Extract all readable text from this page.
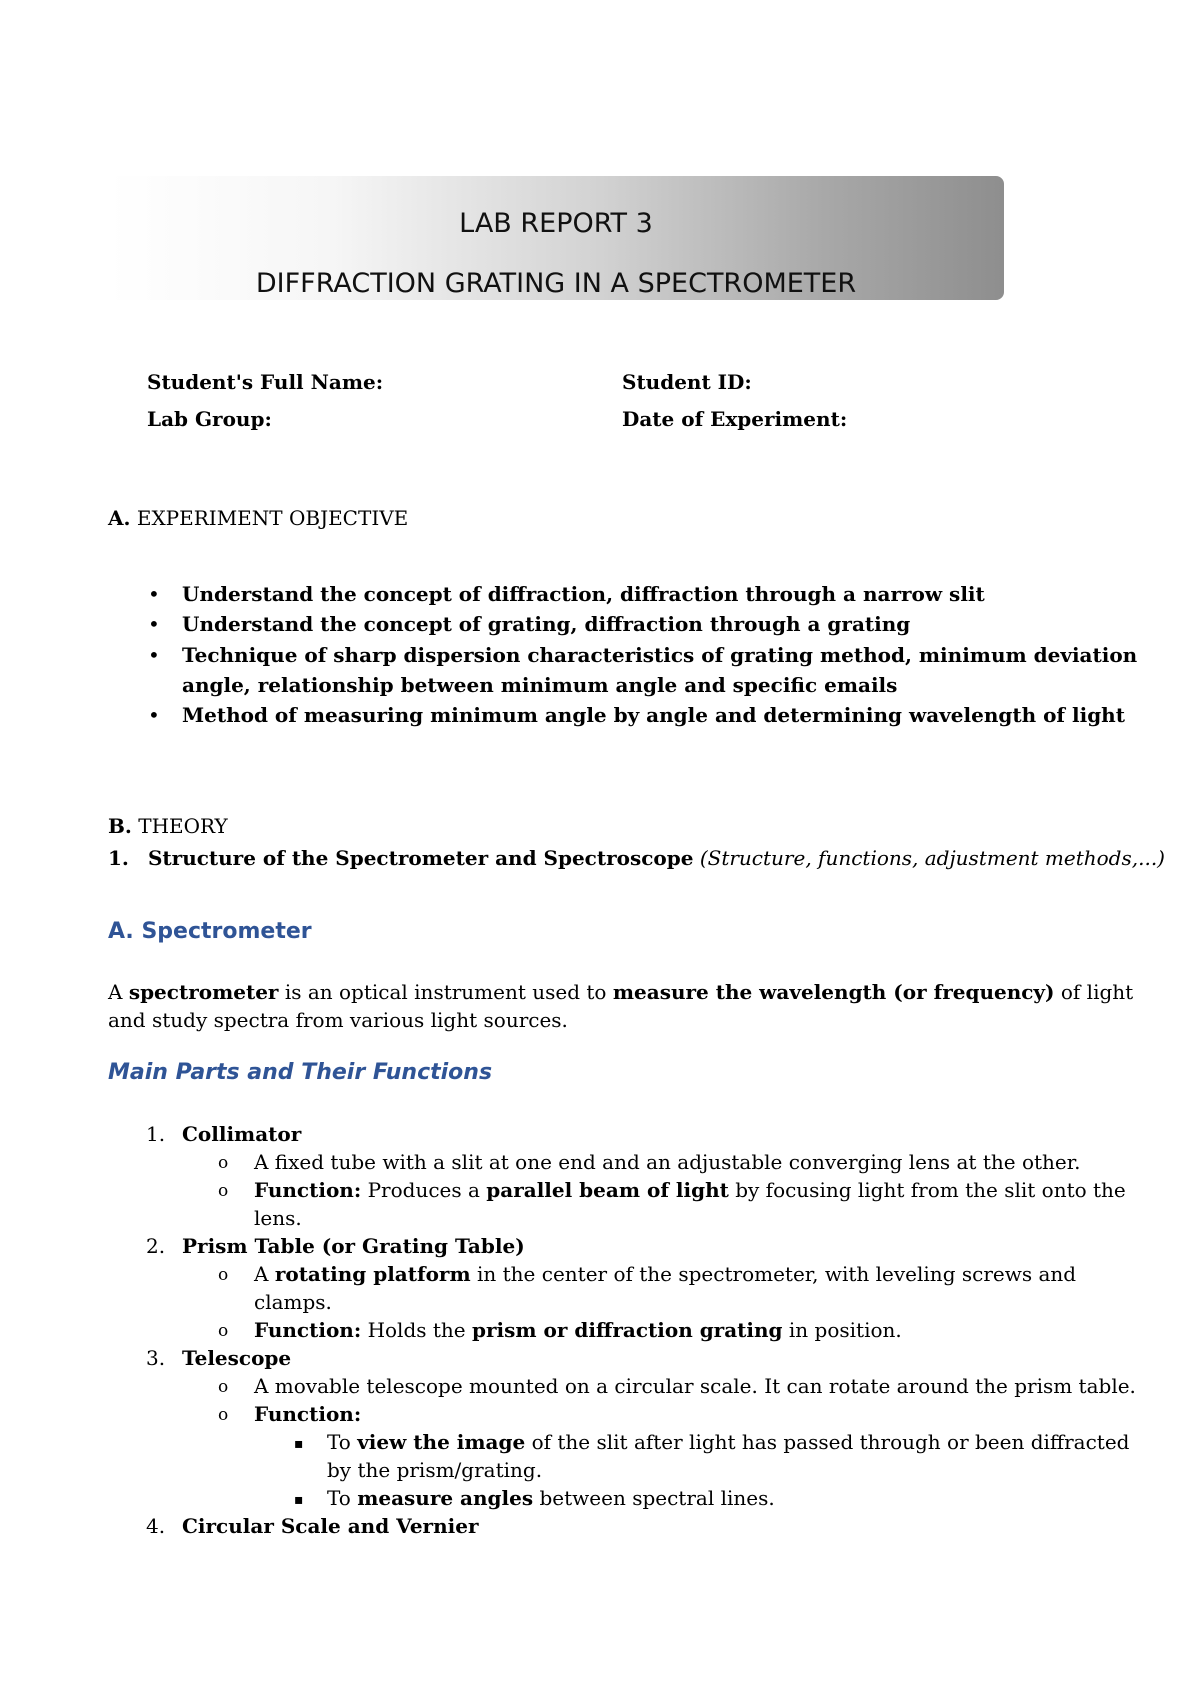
LAB REPORT 3
DIFFRACTION GRATING IN A SPECTROMETER
Student's Full Name:	Student ID:
Lab Group:	Date of Experiment:
A. EXPERIMENT OBJECTIVE
• Understand the concept of diffraction, diffraction through a narrow slit
• Understand the concept of grating, diffraction through a grating
• Technique of sharp dispersion characteristics of grating method, minimum deviation
angle, relationship between minimum angle and specific emails
• Method of measuring minimum angle by angle and determining wavelength of light
B. THEORY
1. Structure of the Spectrometer and Spectroscope (Structure, functions, adjustment methods,...)
A. Spectrometer
A spectrometer is an optical instrument used to measure the wavelength (or frequency) of light
and study spectra from various light sources.
Main Parts and Their Functions
1. Collimator
o A fixed tube with a slit at one end and an adjustable converging lens at the other.
o Function: Produces a parallel beam of light by focusing light from the slit onto the
lens.
2. Prism Table (or Grating Table)
o A rotating platform in the center of the spectrometer, with leveling screws and
clamps.
o Function: Holds the prism or diffraction grating in position.
3. Telescope
o A movable telescope mounted on a circular scale. It can rotate around the prism table.
o Function:
▪ To view the image of the slit after light has passed through or been diffracted
by the prism/grating.
▪ To measure angles between spectral lines.
4. Circular Scale and Vernier
